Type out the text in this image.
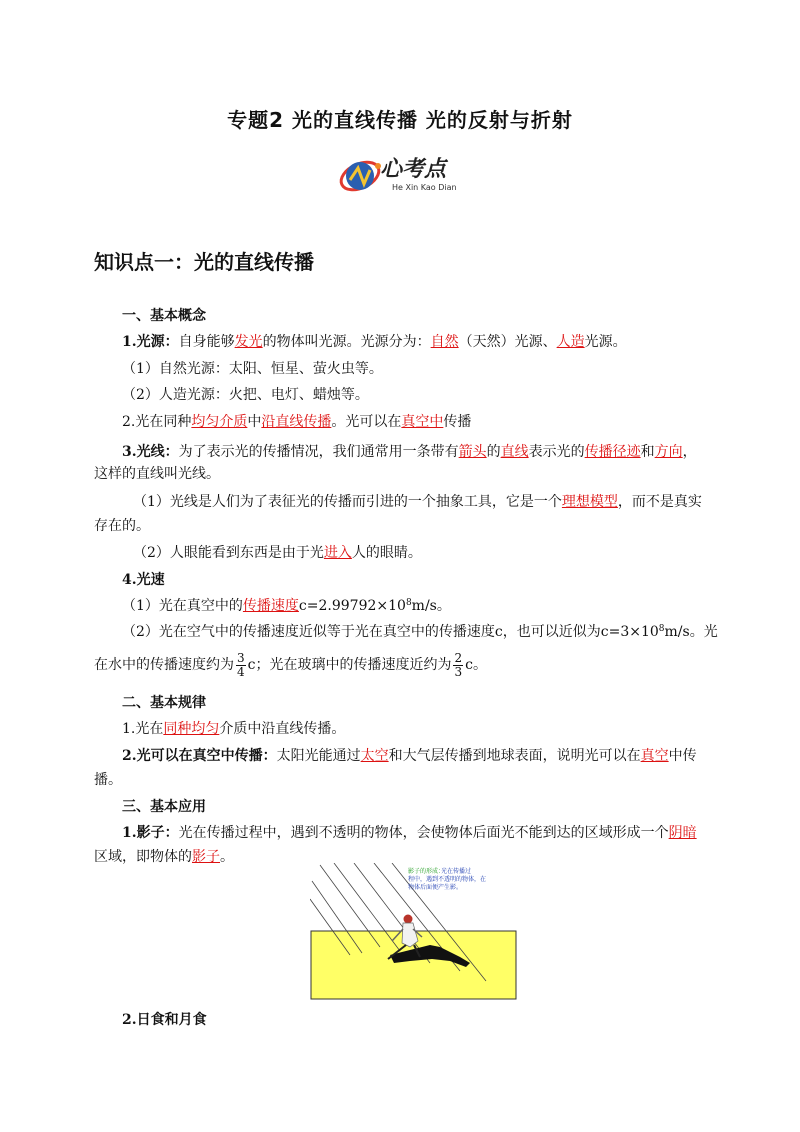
专题2 光的直线传播 光的反射与折射
心考点
He Xin Kao Dian
知识点一：光的直线传播
一、基本概念
1.光源：自身能够发光的物体叫光源。光源分为：自然（天然）光源、人造光源。
（1）自然光源：太阳、恒星、萤火虫等。
（2）人造光源：火把、电灯、蜡烛等。
2.光在同种均匀介质中沿直线传播。光可以在真空中传播
3.光线：为了表示光的传播情况，我们通常用一条带有箭头的直线表示光的传播径迹和方向，
这样的直线叫光线。
（1）光线是人们为了表征光的传播而引进的一个抽象工具，它是一个理想模型，而不是真实
存在的。
（2）人眼能看到东西是由于光进入人的眼睛。
4.光速
（1）光在真空中的传播速度$c=2.99792\times 10^8m/s$。
（2）光在空气中的传播速度近似等于光在真空中的传播速度c，也可以近似为$c=3\times 10^8m/s$。光
在水中的传播速度约为 $\frac{3}{4}$ c；光在玻璃中的传播速度近约为 $\frac{2}{3}$ c。
二、基本规律
1.光在同种均匀介质中沿直线传播。
2.光可以在真空中传播：太阳光能通过太空和大气层传播到地球表面，说明光可以在真空中传
播。
三、基本应用
1.影子：光在传播过程中，遇到不透明的物体，会使物体后面光不能到达的区域形成一个阴暗
区域，即物体的影子。
影子的形成：
光在传播过
程中，遇到不透明的物体，在
物体后面便产生影。
2.日食和月食
